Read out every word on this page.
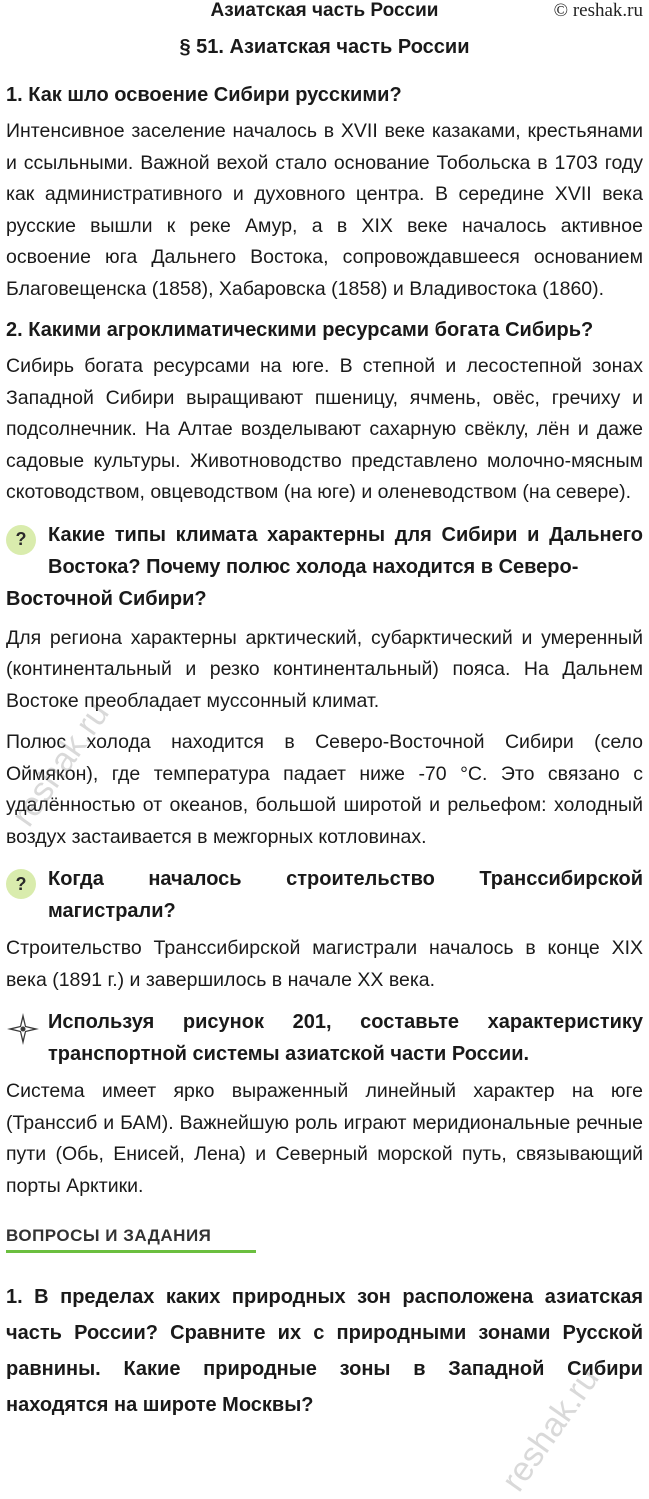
Азиатская часть России	© reshak.ru
§ 51. Азиатская часть России
1. Как шло освоение Сибири русскими?
Интенсивное заселение началось в XVII веке казаками, крестьянами и ссыльными. Важной вехой стало основание Тобольска в 1703 году как административного и духовного центра. В середине XVII века русские вышли к реке Амур, а в XIX веке началось активное освоение юга Дальнего Востока, сопровождавшееся основанием Благовещенска (1858), Хабаровска (1858) и Владивостока (1860).
2. Какими агроклиматическими ресурсами богата Сибирь?
Сибирь богата ресурсами на юге. В степной и лесостепной зонах Западной Сибири выращивают пшеницу, ячмень, овёс, гречиху и подсолнечник. На Алтае возделывают сахарную свёклу, лён и даже садовые культуры. Животноводство представлено молочно-мясным скотоводством, овцеводством (на юге) и оленеводством (на севере).
?	Какие типы климата характерны для Сибири и Дальнего Востока? Почему полюс холода находится в Северо-
Восточной Сибири?
Для региона характерны арктический, субарктический и умеренный (континентальный и резко континентальный) пояса. На Дальнем Востоке преобладает муссонный климат.
Полюс холода находится в Северо-Восточной Сибири (село Оймякон), где температура падает ниже -70 °С. Это связано с удалённостью от океанов, большой широтой и рельефом: холодный воздух застаивается в межгорных котловинах.
?	Когда началось строительство Транссибирской магистрали?
Строительство Транссибирской магистрали началось в конце XIX века (1891 г.) и завершилось в начале XX века.
Используя рисунок 201, составьте характеристику транспортной системы азиатской части России.
Система имеет ярко выраженный линейный характер на юге (Транссиб и БАМ). Важнейшую роль играют меридиональные речные пути (Обь, Енисей, Лена) и Северный морской путь, связывающий порты Арктики.
ВОПРОСЫ И ЗАДАНИЯ
1. В пределах каких природных зон расположена азиатская часть России? Сравните их с природными зонами Русской равнины. Какие природные зоны в Западной Сибири находятся на широте Москвы?
reshak.ru
reshak.ru
